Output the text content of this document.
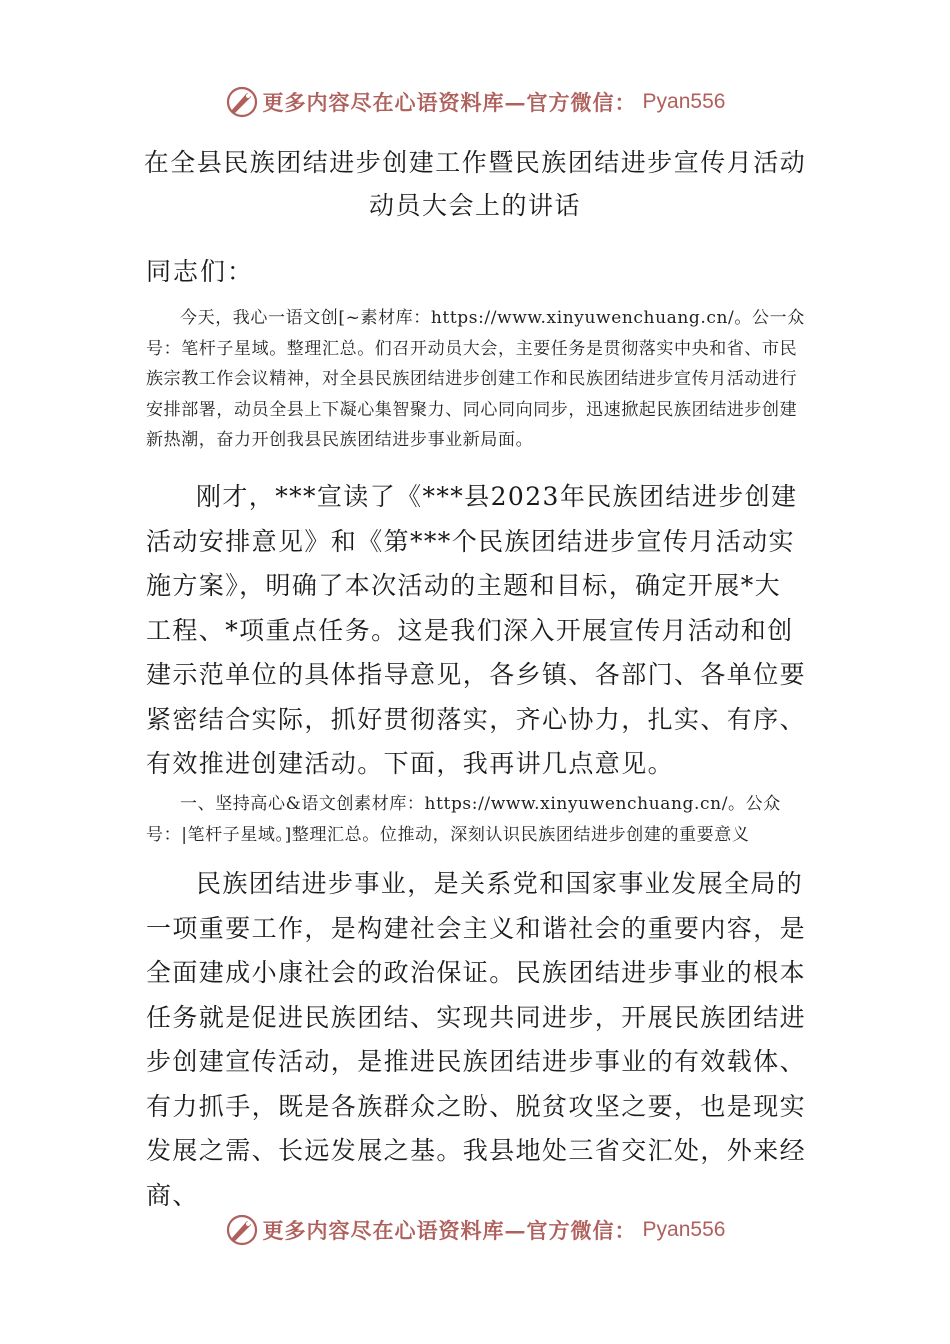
更多内容尽在心语资料库—官方微信： Pyan556
在全县民族团结进步创建工作暨民族团结进步宣传月活动
动员大会上的讲话

同志们：

今天，我心一语文创[~素材库：https://www.xinyuwenchuang.cn/。公一众号：笔杆子星域。整理汇总。们召开动员大会，主要任务是贯彻落实中央和省、市民族宗教工作会议精神，对全县民族团结进步创建工作和民族团结进步宣传月活动进行安排部署，动员全县上下凝心集智聚力、同心同向同步，迅速掀起民族团结进步创建新热潮，奋力开创我县民族团结进步事业新局面。

刚才，***宣读了《***县2023年民族团结进步创建活动安排意见》和《第***个民族团结进步宣传月活动实施方案》，明确了本次活动的主题和目标，确定开展*大工程、*项重点任务。这是我们深入开展宣传月活动和创建示范单位的具体指导意见，各乡镇、各部门、各单位要紧密结合实际，抓好贯彻落实，齐心协力，扎实、有序、有效推进创建活动。下面，我再讲几点意见。

一、坚持高心&语文创素材库：https://www.xinyuwenchuang.cn/。公众号：|笔杆子星域。]整理汇总。位推动，深刻认识民族团结进步创建的重要意义

民族团结进步事业，是关系党和国家事业发展全局的一项重要工作，是构建社会主义和谐社会的重要内容，是全面建成小康社会的政治保证。民族团结进步事业的根本任务就是促进民族团结、实现共同进步，开展民族团结进步创建宣传活动，是推进民族团结进步事业的有效载体、有力抓手，既是各族群众之盼、脱贫攻坚之要，也是现实发展之需、长远发展之基。我县地处三省交汇处，外来经商、

更多内容尽在心语资料库—官方微信： Pyan556
